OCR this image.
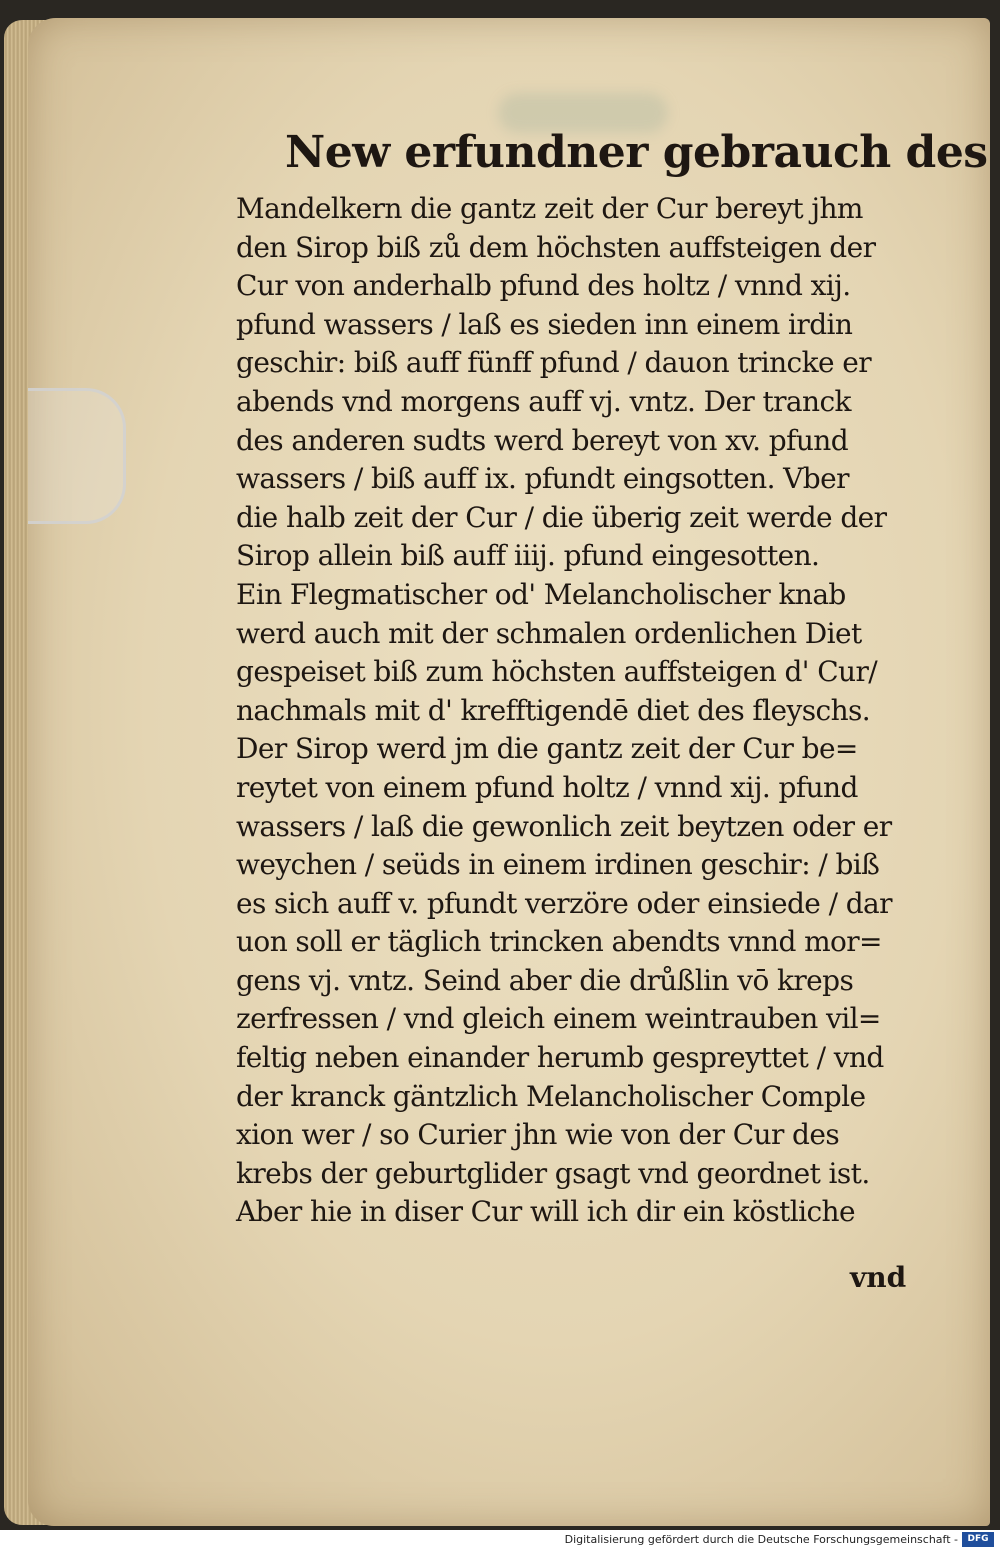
New erfundner gebrauch des
Mandelkern die gantz zeit der Cur bereyt jhm
den Sirop biß zů dem höchsten auffsteigen der
Cur von anderhalb pfund des holtz / vnnd xij.
pfund wassers / laß es sieden inn einem irdin
geschir: biß auff fünff pfund / dauon trincke er
abends vnd morgens auff vj. vntz. Der tranck
des anderen sudts werd bereyt von xv. pfund
wassers / biß auff ix. pfundt eingsotten. Vber
die halb zeit der Cur / die überig zeit werde der
Sirop allein biß auff iiij. pfund eingesotten.
Ein Flegmatischer od' Melancholischer knab
werd auch mit der schmalen ordenlichen Diet
gespeiset biß zum höchsten auffsteigen d' Cur/
nachmals mit d' krefftigendē diet des fleyschs.
Der Sirop werd jm die gantz zeit der Cur be=
reytet von einem pfund holtz / vnnd xij. pfund
wassers / laß die gewonlich zeit beytzen oder er
weychen / seüds in einem irdinen geschir: / biß
es sich auff v. pfundt verzöre oder einsiede / dar
uon soll er täglich trincken abendts vnnd mor=
gens vj. vntz. Seind aber die drůßlin vō kreps
zerfressen / vnd gleich einem weintrauben vil=
feltig neben einander herumb gespreyttet / vnd
der kranck gäntzlich Melancholischer Comple
xion wer / so Curier jhn wie von der Cur des
krebs der geburtglider gsagt vnd geordnet ist.
Aber hie in diser Cur will ich dir ein köstliche
vnd
Digitalisierung gefördert durch die Deutsche Forschungsgemeinschaft -	DFG
